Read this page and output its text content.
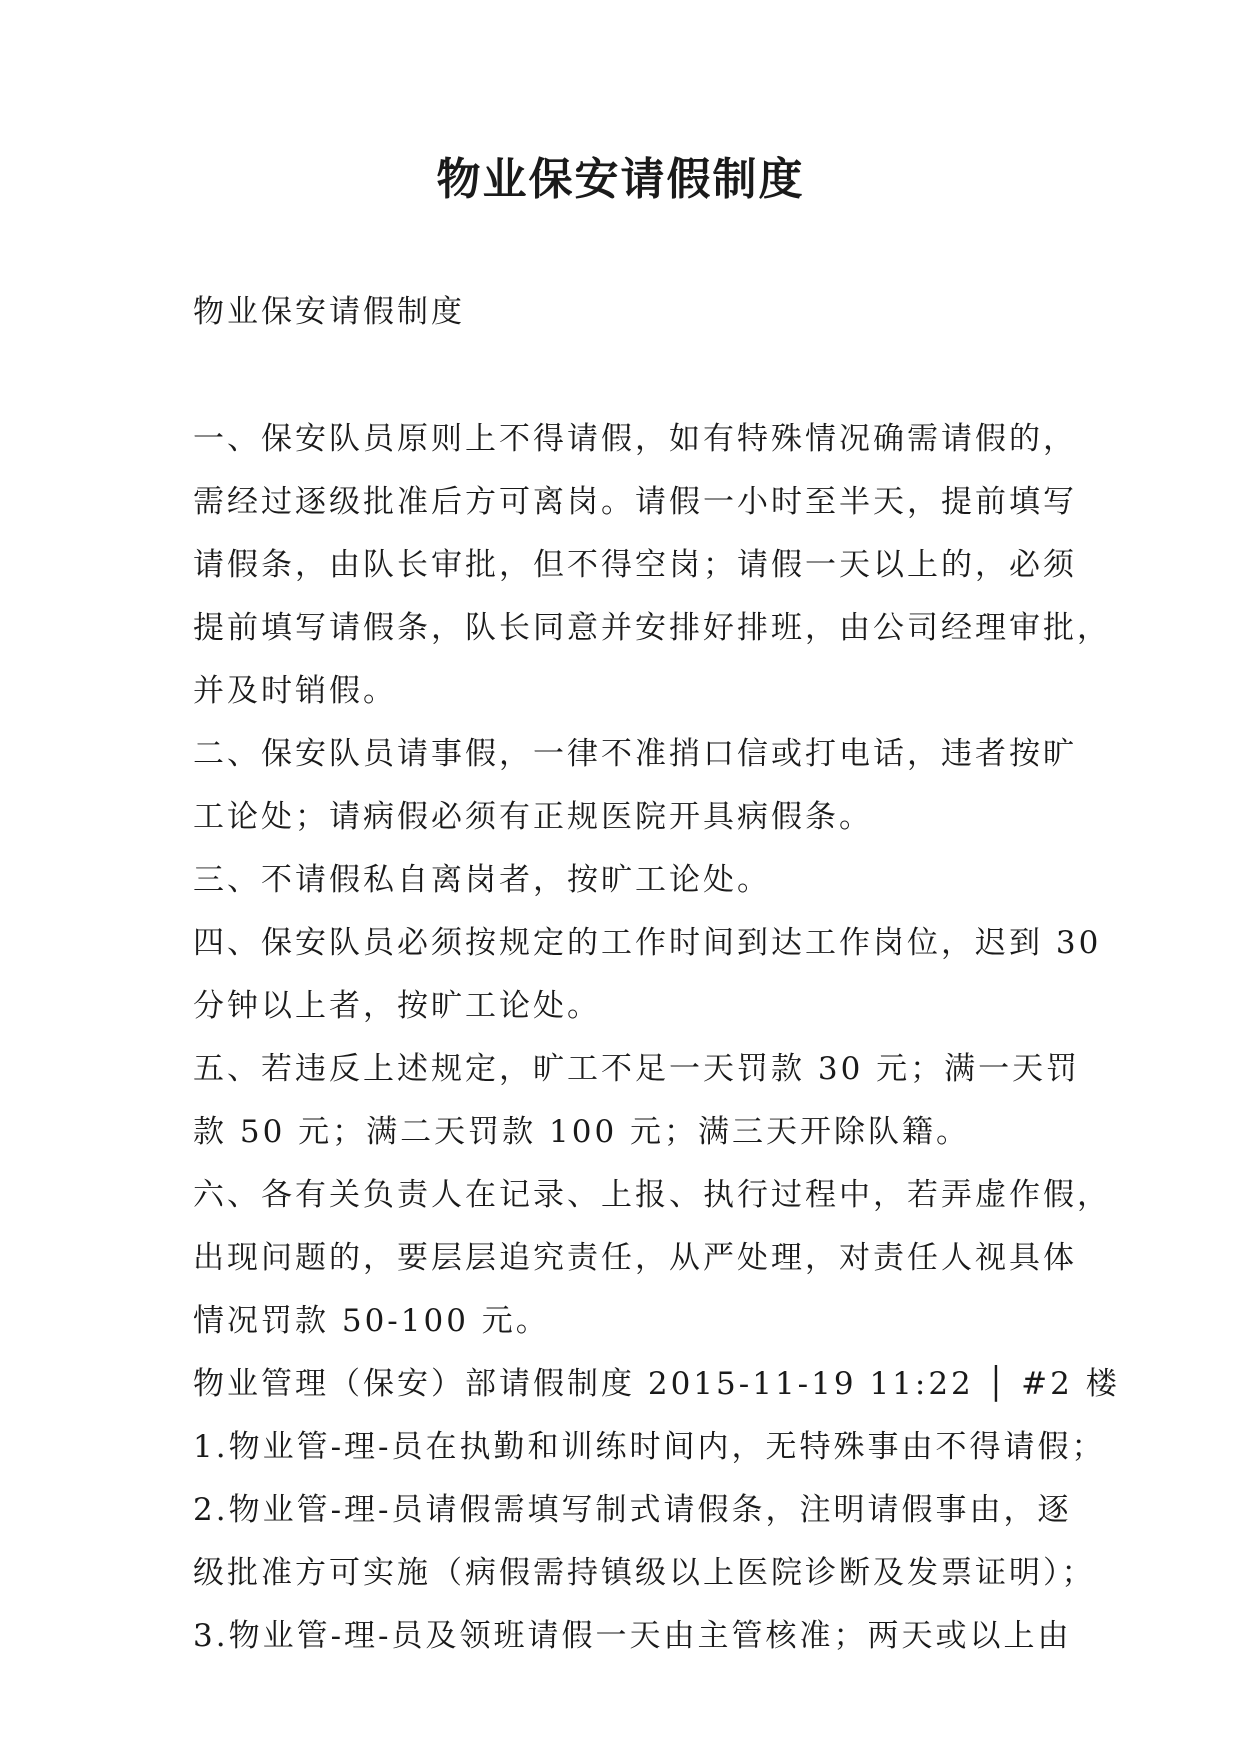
物业保安请假制度

物业保安请假制度

一、保安队员原则上不得请假，如有特殊情况确需请假的，
需经过逐级批准后方可离岗。请假一小时至半天，提前填写
请假条，由队长审批，但不得空岗；请假一天以上的，必须
提前填写请假条，队长同意并安排好排班，由公司经理审批，
并及时销假。
二、保安队员请事假，一律不准捎口信或打电话，违者按旷
工论处；请病假必须有正规医院开具病假条。
三、不请假私自离岗者，按旷工论处。
四、保安队员必须按规定的工作时间到达工作岗位，迟到 30
分钟以上者，按旷工论处。
五、若违反上述规定，旷工不足一天罚款 30 元；满一天罚
款 50 元；满二天罚款 100 元；满三天开除队籍。
六、各有关负责人在记录、上报、执行过程中，若弄虚作假，
出现问题的，要层层追究责任，从严处理，对责任人视具体
情况罚款 50-100 元。
物业管理（保安）部请假制度 2015-11-19 11:22 │ #2 楼
1.物业管-理-员在执勤和训练时间内，无特殊事由不得请假；
2.物业管-理-员请假需填写制式请假条，注明请假事由，逐
级批准方可实施（病假需持镇级以上医院诊断及发票证明）；
3.物业管-理-员及领班请假一天由主管核准；两天或以上由
